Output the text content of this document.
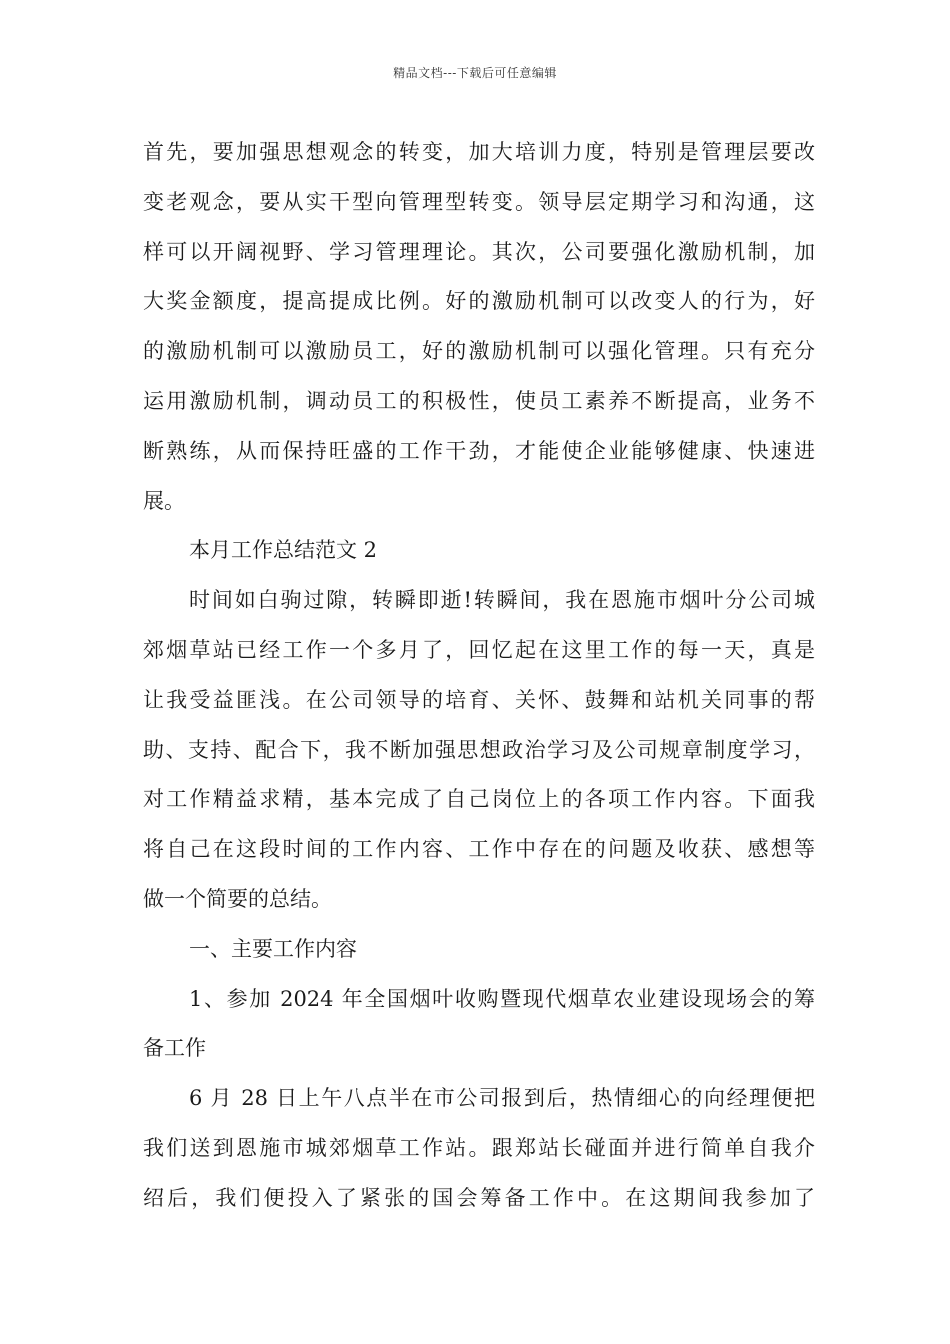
精品文档---下载后可任意编辑
首先，要加强思想观念的转变，加大培训力度，特别是管理层要改
变老观念，要从实干型向管理型转变。领导层定期学习和沟通，这
样可以开阔视野、学习管理理论。其次，公司要强化激励机制，加
大奖金额度，提高提成比例。好的激励机制可以改变人的行为，好
的激励机制可以激励员工，好的激励机制可以强化管理。只有充分
运用激励机制，调动员工的积极性，使员工素养不断提高，业务不
断熟练，从而保持旺盛的工作干劲，才能使企业能够健康、快速进
展。
本月工作总结范文 2
时间如白驹过隙，转瞬即逝!转瞬间，我在恩施市烟叶分公司城
郊烟草站已经工作一个多月了，回忆起在这里工作的每一天，真是
让我受益匪浅。在公司领导的培育、关怀、鼓舞和站机关同事的帮
助、支持、配合下，我不断加强思想政治学习及公司规章制度学习，
对工作精益求精，基本完成了自己岗位上的各项工作内容。下面我
将自己在这段时间的工作内容、工作中存在的问题及收获、感想等
做一个简要的总结。
一、主要工作内容
1、参加 2024 年全国烟叶收购暨现代烟草农业建设现场会的筹
备工作
6 月 28 日上午八点半在市公司报到后，热情细心的向经理便把
我们送到恩施市城郊烟草工作站。跟郑站长碰面并进行简单自我介
绍后，我们便投入了紧张的国会筹备工作中。在这期间我参加了
